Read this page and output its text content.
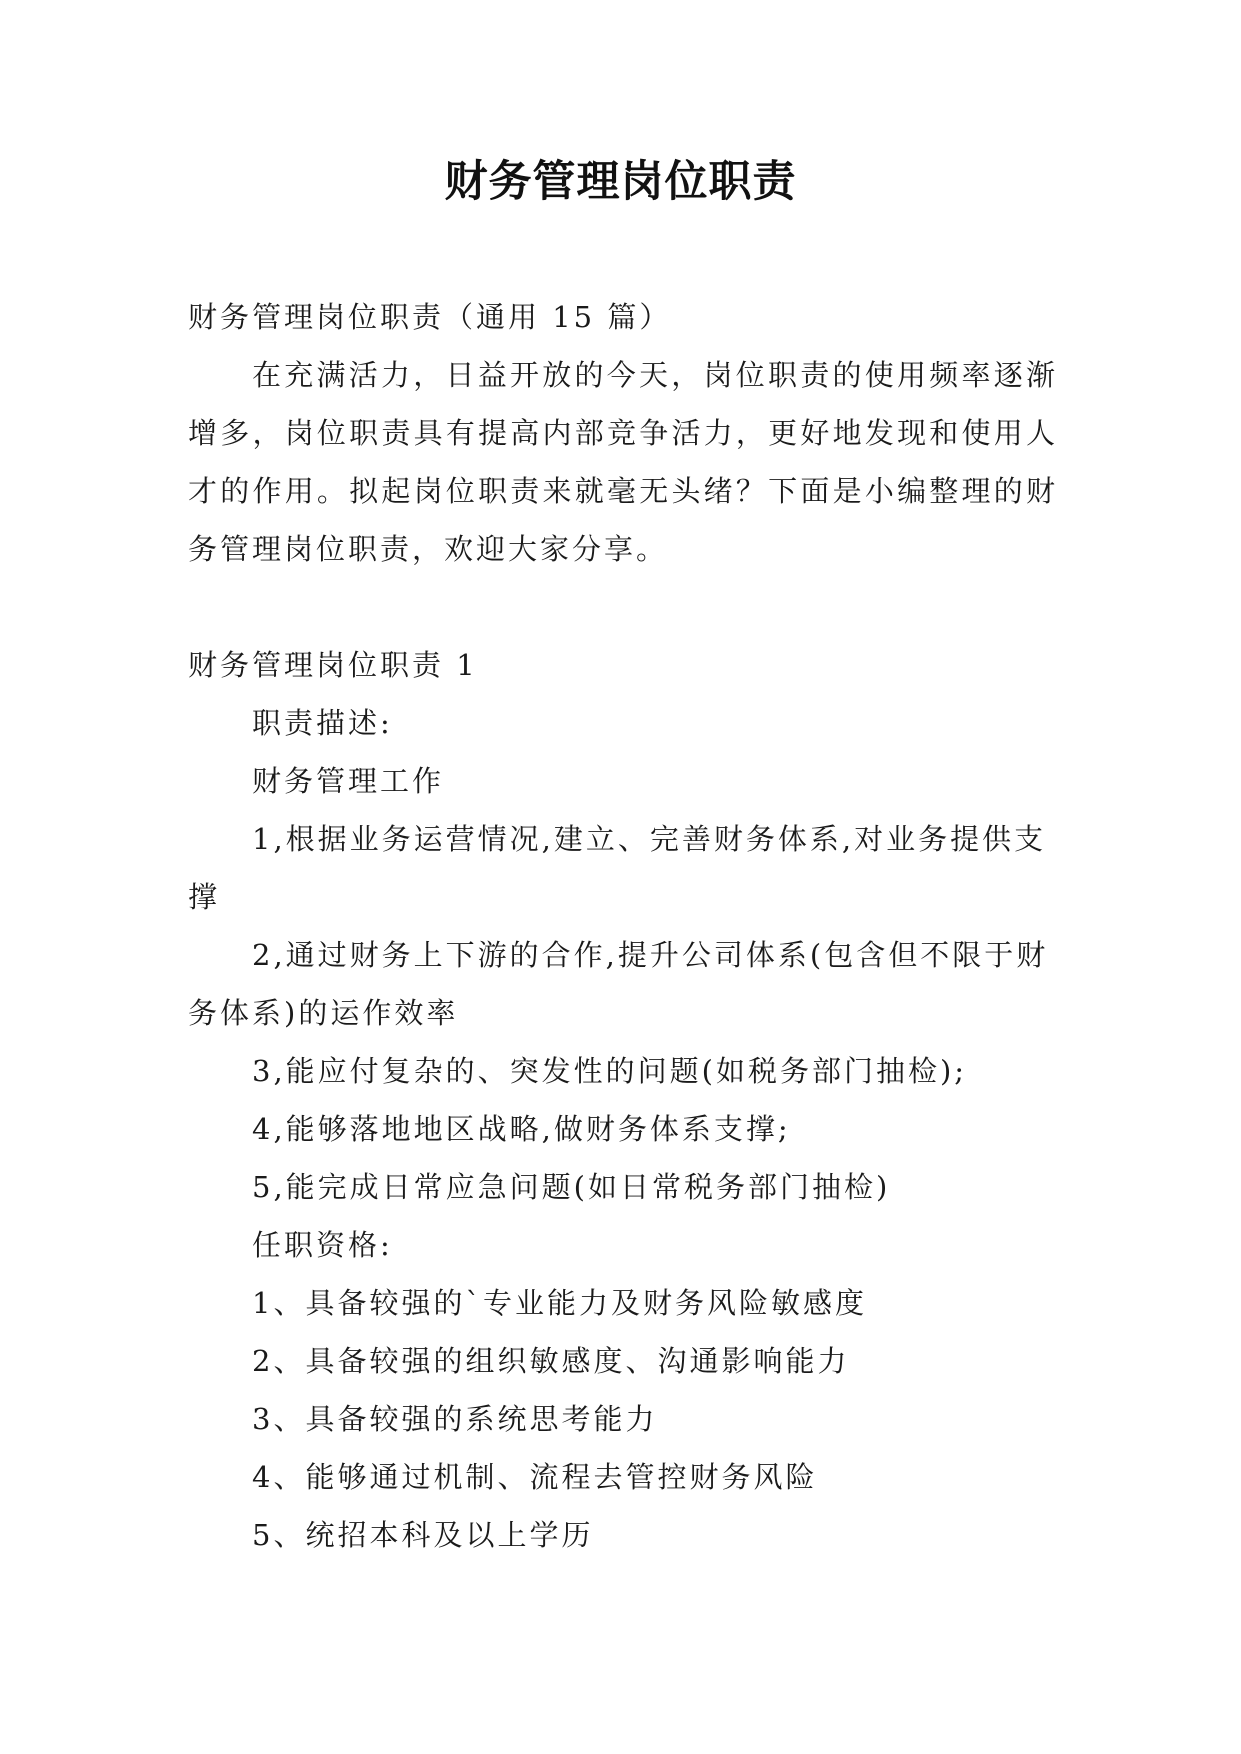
财务管理岗位职责

财务管理岗位职责（通用 15 篇）

在充满活力，日益开放的今天，岗位职责的使用频率逐渐增多，岗位职责具有提高内部竞争活力，更好地发现和使用人才的作用。拟起岗位职责来就毫无头绪？下面是小编整理的财务管理岗位职责，欢迎大家分享。

财务管理岗位职责 1

职责描述:

财务管理工作

1,根据业务运营情况,建立、完善财务体系,对业务提供支撑

2,通过财务上下游的合作,提升公司体系(包含但不限于财务体系)的运作效率

3,能应付复杂的、突发性的问题(如税务部门抽检);

4,能够落地地区战略,做财务体系支撑;

5,能完成日常应急问题(如日常税务部门抽检)

任职资格:

1、具备较强的`专业能力及财务风险敏感度

2、具备较强的组织敏感度、沟通影响能力

3、具备较强的系统思考能力

4、能够通过机制、流程去管控财务风险

5、统招本科及以上学历
